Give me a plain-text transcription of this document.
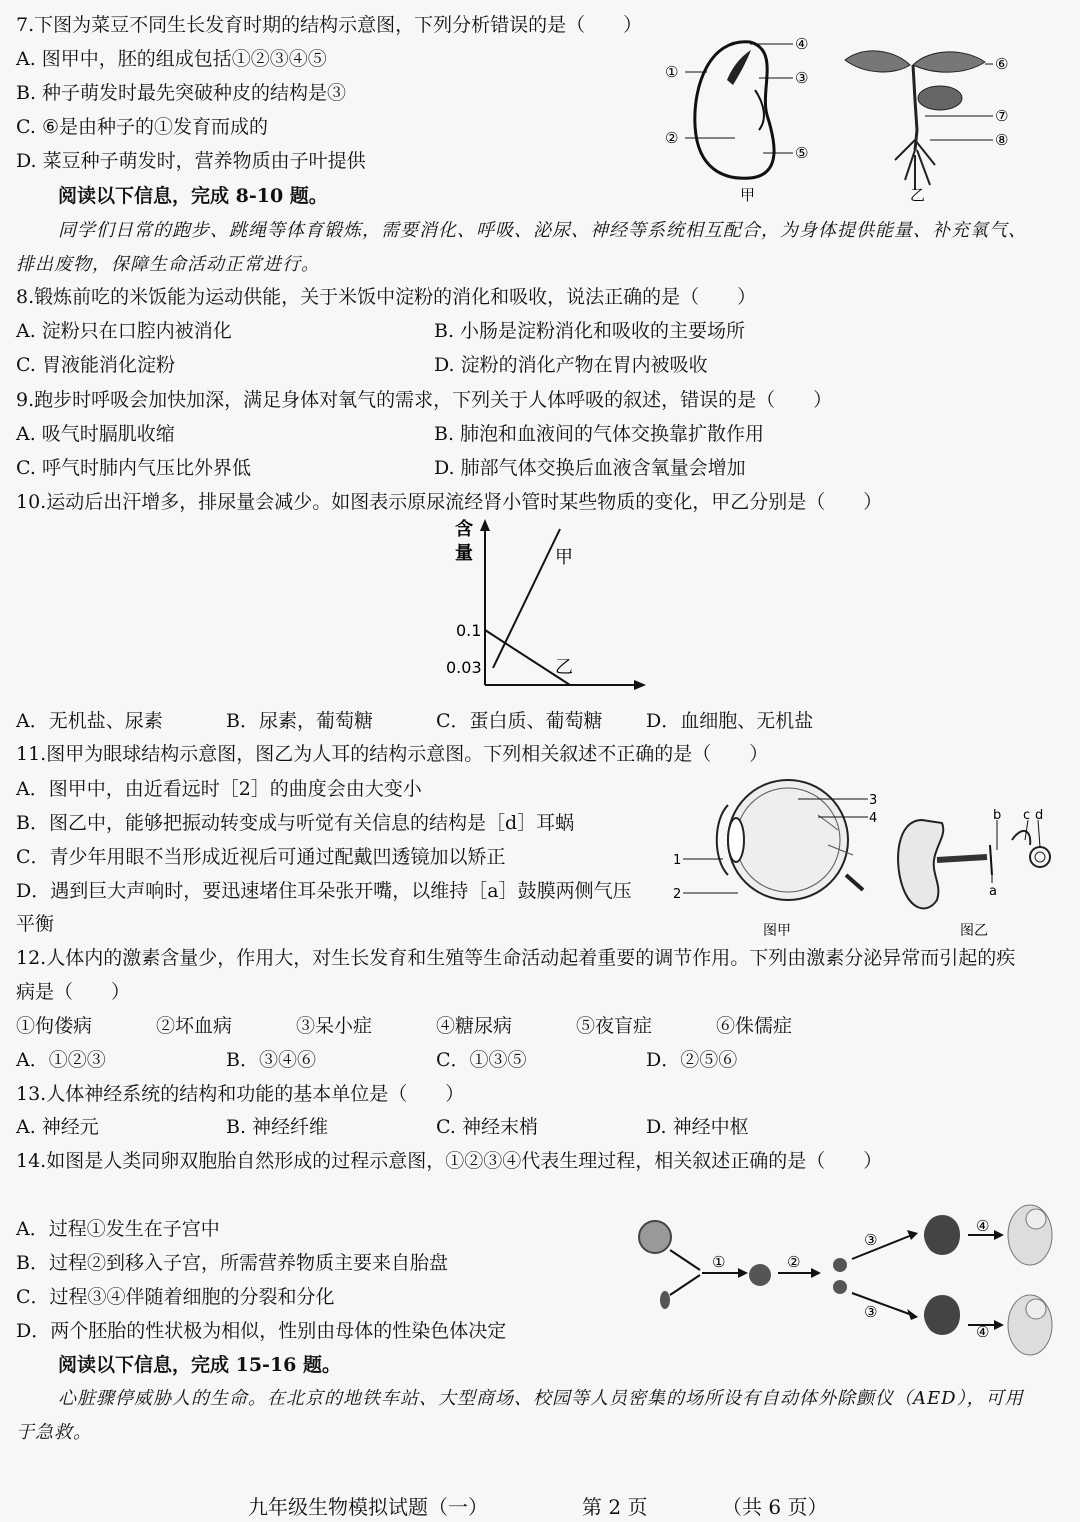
7.下图为菜豆不同生长发育时期的结构示意图，下列分析错误的是（　　）
A. 图甲中，胚的组成包括①②③④⑤
B. 种子萌发时最先突破种皮的结构是③
C. ⑥是由种子的①发育而成的
D. 菜豆种子萌发时，营养物质由子叶提供
①
②
③
④
⑤
甲
⑥
⑦
⑧
乙
阅读以下信息，完成 8-10 题。
同学们日常的跑步、跳绳等体育锻炼，需要消化、呼吸、泌尿、神经等系统相互配合，为身体提供能量、补充氧气、
排出废物，保障生命活动正常进行。
8.锻炼前吃的米饭能为运动供能，关于米饭中淀粉的消化和吸收，说法正确的是（　　）
A. 淀粉只在口腔内被消化	B. 小肠是淀粉消化和吸收的主要场所
C. 胃液能消化淀粉	D. 淀粉的消化产物在胃内被吸收
9.跑步时呼吸会加快加深，满足身体对氧气的需求，下列关于人体呼吸的叙述，错误的是（　　）
A. 吸气时膈肌收缩	B. 肺泡和血液间的气体交换靠扩散作用
C. 呼气时肺内气压比外界低	D. 肺部气体交换后血液含氧量会增加
10.运动后出汗增多，排尿量会减少。如图表示原尿流经肾小管时某些物质的变化，甲乙分别是（　　）
含
量
0.1
0.03
甲
乙
A．无机盐、尿素	B．尿素，葡萄糖	C．蛋白质、葡萄糖 D．血细胞、无机盐
11.图甲为眼球结构示意图，图乙为人耳的结构示意图。下列相关叙述不正确的是（　　）
A．图甲中，由近看远时［2］的曲度会由大变小
B．图乙中，能够把振动转变成与听觉有关信息的结构是［d］耳蜗
C．青少年用眼不当形成近视后可通过配戴凹透镜加以矫正
D．遇到巨大声响时，要迅速堵住耳朵张开嘴，以维持［a］鼓膜两侧气压
平衡
3
4
1
2
图甲
b c d
a
图乙
12.人体内的激素含量少，作用大，对生长发育和生殖等生命活动起着重要的调节作用。下列由激素分泌异常而引起的疾
病是（　　）
①佝偻病	②坏血病	③呆小症	④糖尿病	⑤夜盲症	⑥侏儒症
A．①②③	B．③④⑥	C．①③⑤	D．②⑤⑥
13.人体神经系统的结构和功能的基本单位是（　　）
A. 神经元	B. 神经纤维	C. 神经末梢	D. 神经中枢
14.如图是人类同卵双胞胎自然形成的过程示意图，①②③④代表生理过程，相关叙述正确的是（　　）
A．过程①发生在子宫中
B．过程②到移入子宫，所需营养物质主要来自胎盘
C．过程③④伴随着细胞的分裂和分化
D．两个胚胎的性状极为相似，性别由母体的性染色体决定
①	②
③
③
④
④
阅读以下信息，完成 15-16 题。
心脏骤停威胁人的生命。在北京的地铁车站、大型商场、校园等人员密集的场所设有自动体外除颤仪（AED），可用
于急救。
九年级生物模拟试题（一）	第 2 页	（共 6 页）
